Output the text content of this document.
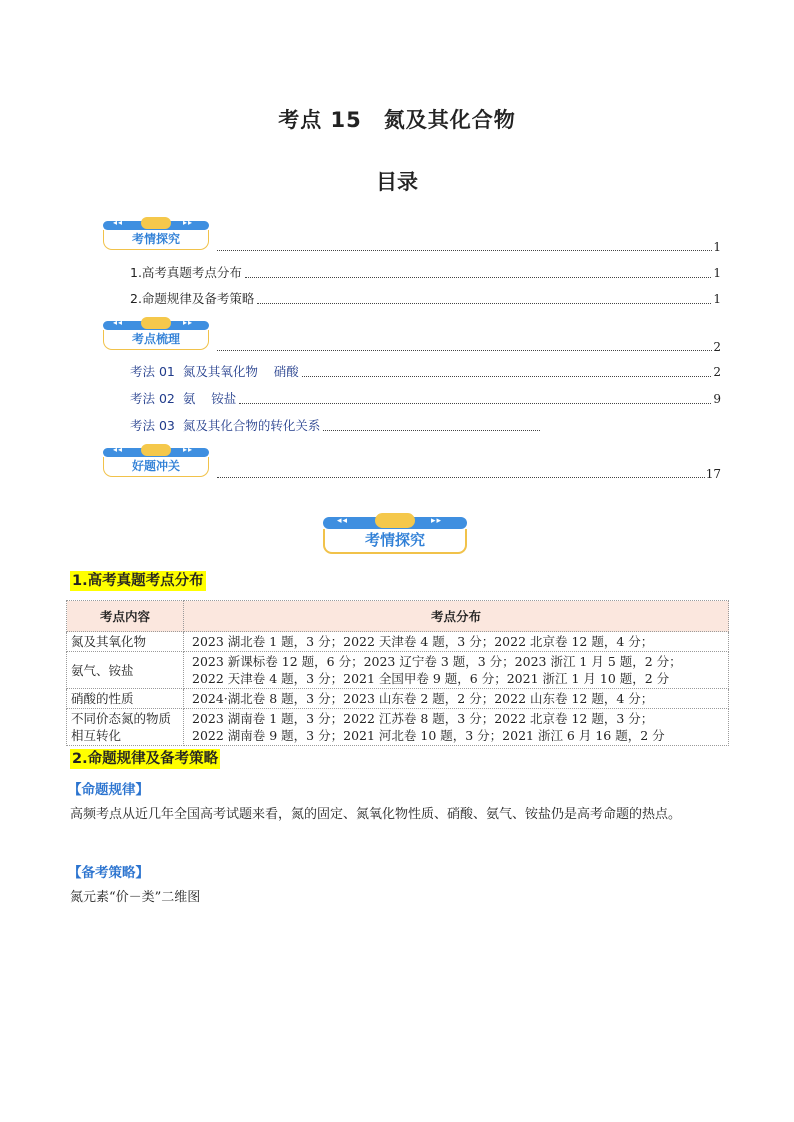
考点 15 氮及其化合物
目录
◂◂	▸▸
考情探究
1
1.高考真题考点分布	1
2.命题规律及备考策略	1
◂◂	▸▸
考点梳理
2
考法 01  氮及其氧化物    硝酸	2
考法 02  氨    铵盐	9
考法 03  氮及其化合物的转化关系
◂◂	▸▸
好题冲关
17
◂◂	▸▸
考情探究
1.高考真题考点分布
考点内容	考点分布
氮及其氧化物	2023 湖北卷 1 题，3 分；2022 天津卷 4 题，3 分；2022 北京卷 12 题，4 分；

氨气、铵盐	2023 新课标卷 12 题，6 分；2023 辽宁卷 3 题，3 分；2023 浙江 1 月 5 题，2 分；
2022 天津卷 4 题，3 分；2021 全国甲卷 9 题，6 分；2021 浙江 1 月 10 题，2 分

硝酸的性质	2024·湖北卷 8 题，3 分；2023 山东卷 2 题，2 分；2022 山东卷 12 题，4 分；

不同价态氮的物质相互转化	2023 湖南卷 1 题，3 分；2022 江苏卷 8 题，3 分；2022 北京卷 12 题，3 分；
2022 湖南卷 9 题，3 分；2021 河北卷 10 题，3 分；2021 浙江 6 月 16 题，2 分
2.命题规律及备考策略
【命题规律】
高频考点从近几年全国高考试题来看，氮的固定、氮氧化物性质、硝酸、氨气、铵盐仍是高考命题的热点。
【备考策略】
氮元素“价－类”二维图
